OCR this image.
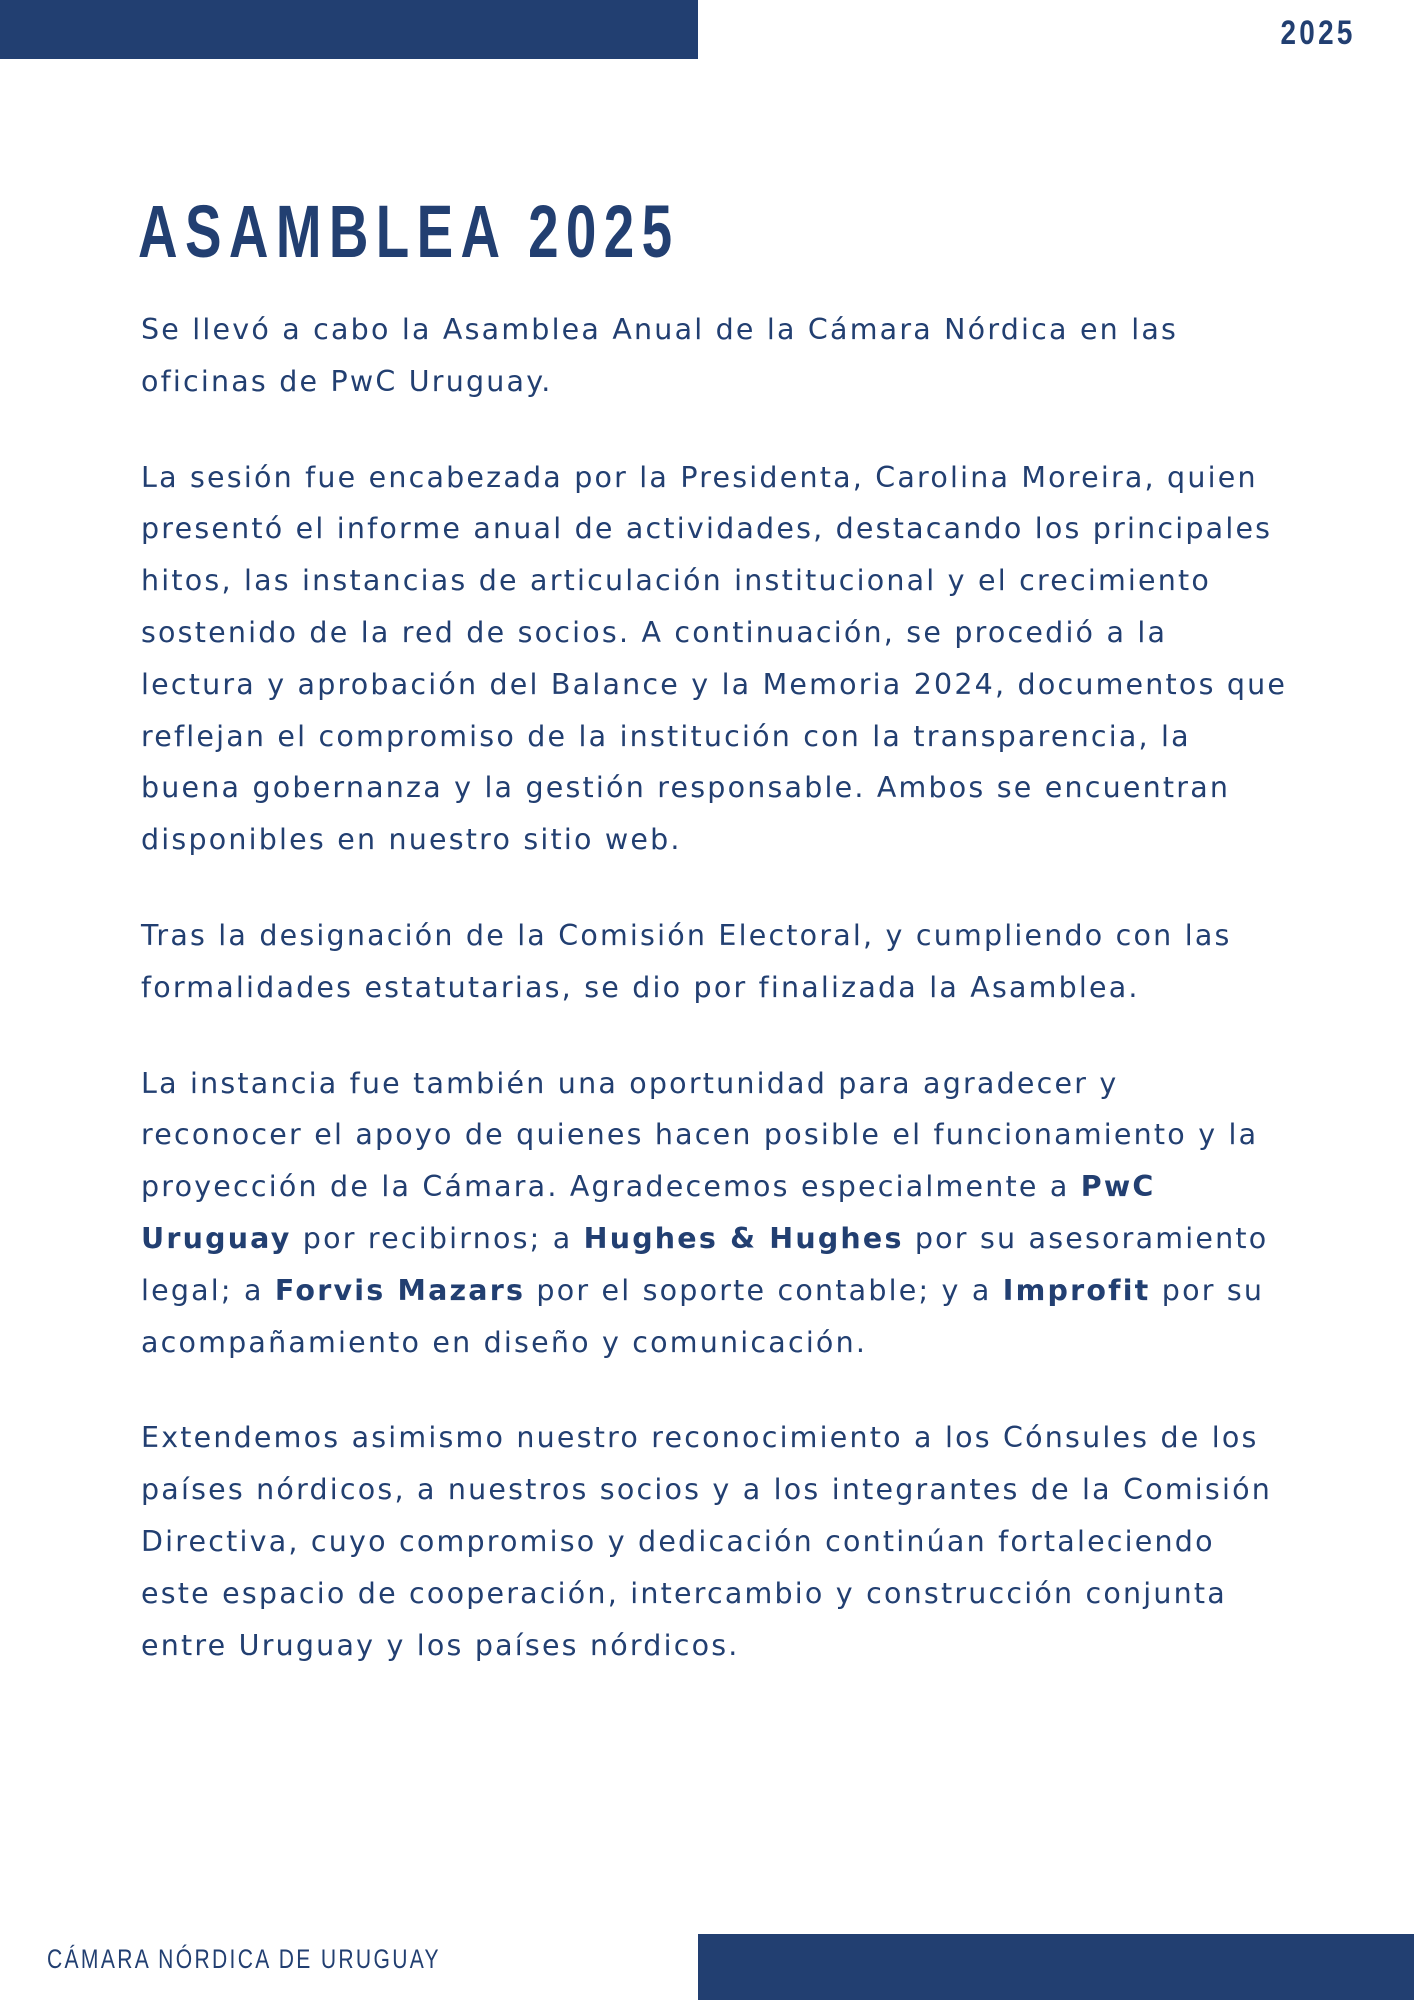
2025
ASAMBLEA 2025

Se llevó a cabo la Asamblea Anual de la Cámara Nórdica en las oficinas de PwC Uruguay.

La sesión fue encabezada por la Presidenta, Carolina Moreira, quien presentó el informe anual de actividades, destacando los principales hitos, las instancias de articulación institucional y el crecimiento sostenido de la red de socios. A continuación, se procedió a la lectura y aprobación del Balance y la Memoria 2024, documentos que reflejan el compromiso de la institución con la transparencia, la buena gobernanza y la gestión responsable. Ambos se encuentran disponibles en nuestro sitio web.

Tras la designación de la Comisión Electoral, y cumpliendo con las formalidades estatutarias, se dio por finalizada la Asamblea.

La instancia fue también una oportunidad para agradecer y reconocer el apoyo de quienes hacen posible el funcionamiento y la proyección de la Cámara. Agradecemos especialmente a PwC Uruguay por recibirnos; a Hughes & Hughes por su asesoramiento legal; a Forvis Mazars por el soporte contable; y a Improfit por su acompañamiento en diseño y comunicación.

Extendemos asimismo nuestro reconocimiento a los Cónsules de los países nórdicos, a nuestros socios y a los integrantes de la Comisión Directiva, cuyo compromiso y dedicación continúan fortaleciendo este espacio de cooperación, intercambio y construcción conjunta entre Uruguay y los países nórdicos.

CÁMARA NÓRDICA DE URUGUAY
